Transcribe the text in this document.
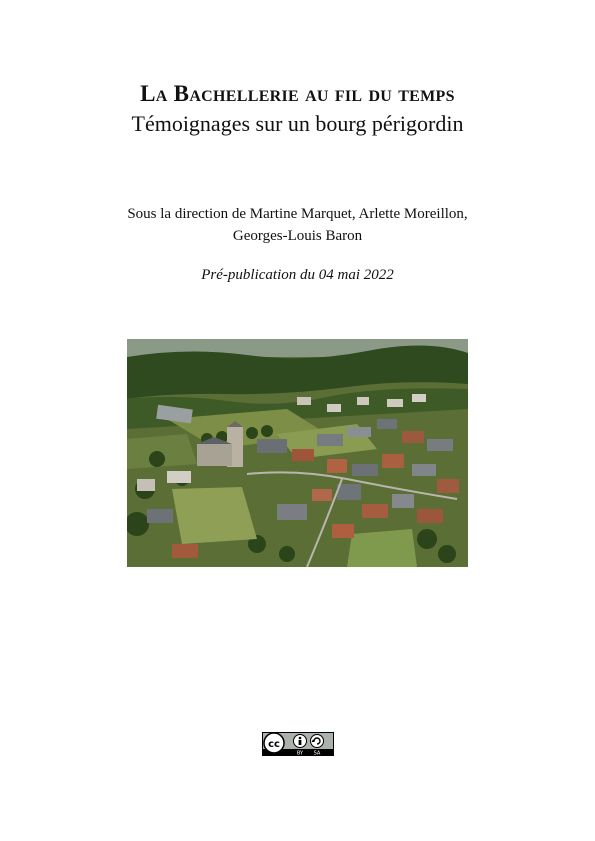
La Bachellerie au fil du temps
Témoignages sur un bourg périgordin
Sous la direction de Martine Marquet, Arlette Moreillon,
Georges-Louis Baron
Pré-publication du 04 mai 2022
cc
BY SA
